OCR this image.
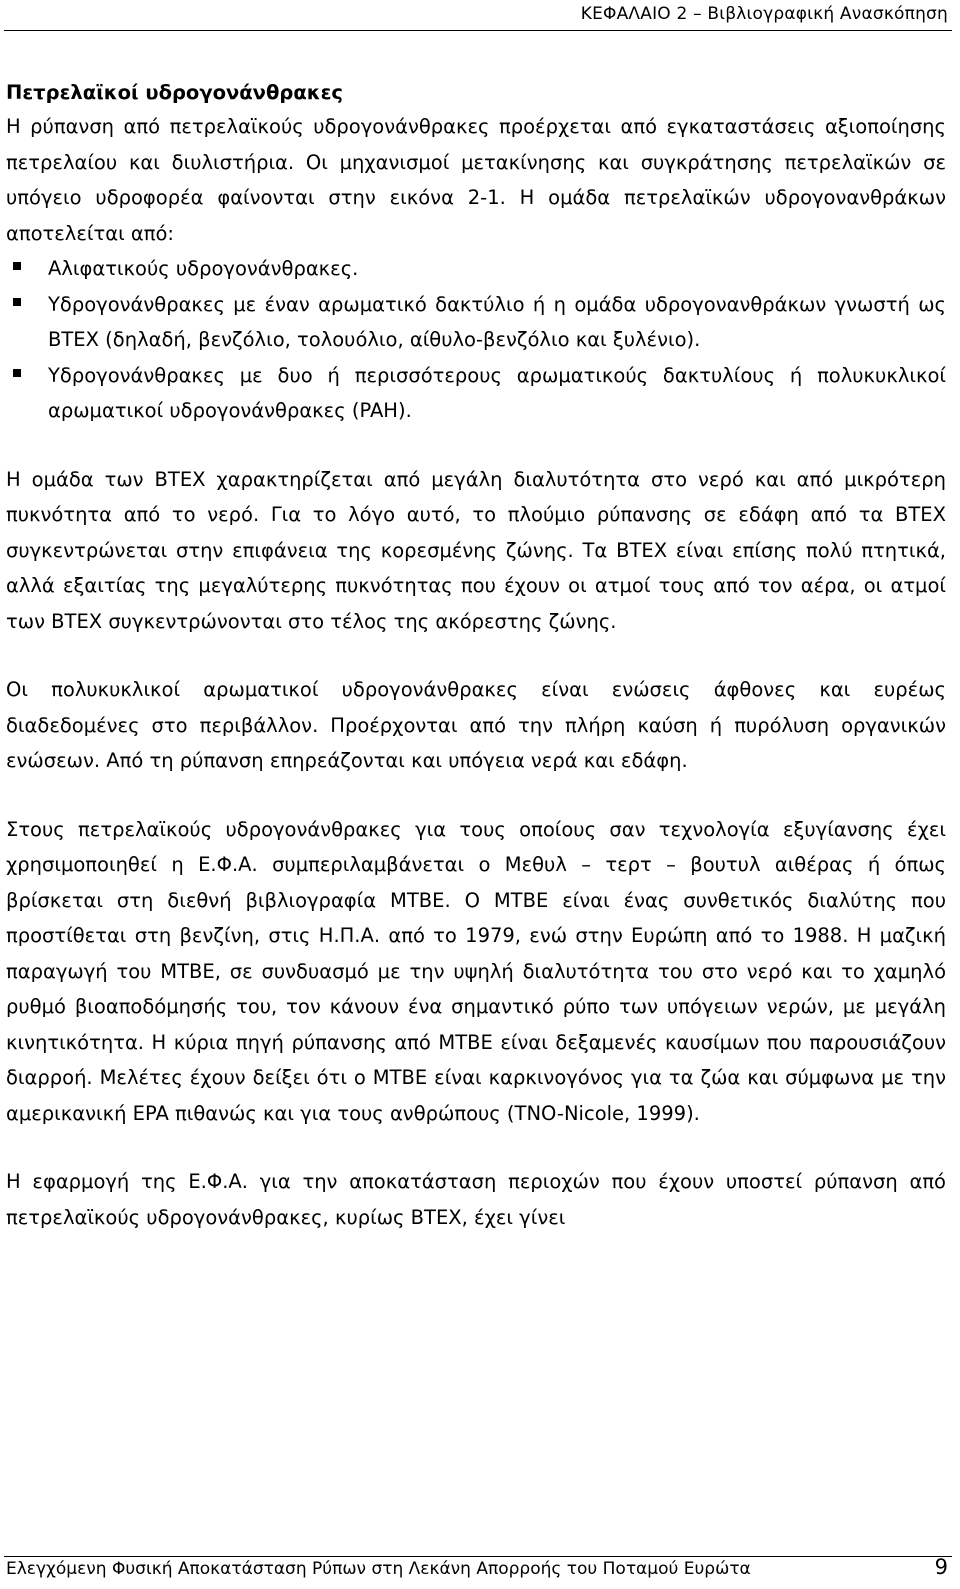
ΚΕΦΑΛΑΙΟ 2 – Βιβλιογραφική Ανασκόπηση
Πετρελαϊκοί υδρογονάνθρακες

Η ρύπανση από πετρελαϊκούς υδρογονάνθρακες προέρχεται από εγκαταστάσεις αξιοποίησης πετρελαίου και διυλιστήρια. Οι μηχανισμοί μετακίνησης και συγκράτησης πετρελαϊκών σε υπόγειο υδροφορέα φαίνονται στην εικόνα 2-1. Η ομάδα πετρελαϊκών υδρογονανθράκων αποτελείται από:

Αλιφατικούς υδρογονάνθρακες.
Υδρογονάνθρακες με έναν αρωματικό δακτύλιο ή η ομάδα υδρογονανθράκων γνωστή ως BTEX (δηλαδή, βενζόλιο, τολουόλιο, αίθυλο-βενζόλιο και ξυλένιο).
Υδρογονάνθρακες με δυο ή περισσότερους αρωματικούς δακτυλίους ή πολυκυκλικοί αρωματικοί υδρογονάνθρακες (PAH).

Η ομάδα των BTEX χαρακτηρίζεται από μεγάλη διαλυτότητα στο νερό και από μικρότερη πυκνότητα από το νερό. Για το λόγο αυτό, το πλούμιο ρύπανσης σε εδάφη από τα BTEX συγκεντρώνεται στην επιφάνεια της κορεσμένης ζώνης. Τα BTEX είναι επίσης πολύ πτητικά, αλλά εξαιτίας της μεγαλύτερης πυκνότητας που έχουν οι ατμοί τους από τον αέρα, οι ατμοί των BTEX συγκεντρώνονται στο τέλος της ακόρεστης ζώνης.

Οι πολυκυκλικοί αρωματικοί υδρογονάνθρακες είναι ενώσεις άφθονες και ευρέως διαδεδομένες στο περιβάλλον. Προέρχονται από την πλήρη καύση ή πυρόλυση οργανικών ενώσεων. Από τη ρύπανση επηρεάζονται και υπόγεια νερά και εδάφη.

Στους πετρελαϊκούς υδρογονάνθρακες για τους οποίους σαν τεχνολογία εξυγίανσης έχει χρησιμοποιηθεί η Ε.Φ.Α. συμπεριλαμβάνεται ο Μεθυλ – τερτ – βουτυλ αιθέρας ή όπως βρίσκεται στη διεθνή βιβλιογραφία MTBE. Ο MTBE είναι ένας συνθετικός διαλύτης που προστίθεται στη βενζίνη, στις Η.Π.Α. από το 1979, ενώ στην Ευρώπη από το 1988. Η μαζική παραγωγή του MTBE, σε συνδυασμό με την υψηλή διαλυτότητα του στο νερό και το χαμηλό ρυθμό βιοαποδόμησής του, τον κάνουν ένα σημαντικό ρύπο των υπόγειων νερών, με μεγάλη κινητικότητα. Η κύρια πηγή ρύπανσης από MTBE είναι δεξαμενές καυσίμων που παρουσιάζουν διαρροή. Μελέτες έχουν δείξει ότι ο MTBE είναι καρκινογόνος για τα ζώα και σύμφωνα με την αμερικανική EPA πιθανώς και για τους ανθρώπους (TNO-Nicole, 1999).

Η εφαρμογή της Ε.Φ.Α. για την αποκατάσταση περιοχών που έχουν υποστεί ρύπανση από πετρελαϊκούς υδρογονάνθρακες, κυρίως BTEX, έχει γίνει

Ελεγχόμενη Φυσική Αποκατάσταση Ρύπων στη Λεκάνη Απορροής του Ποταμού Ευρώτα	9
